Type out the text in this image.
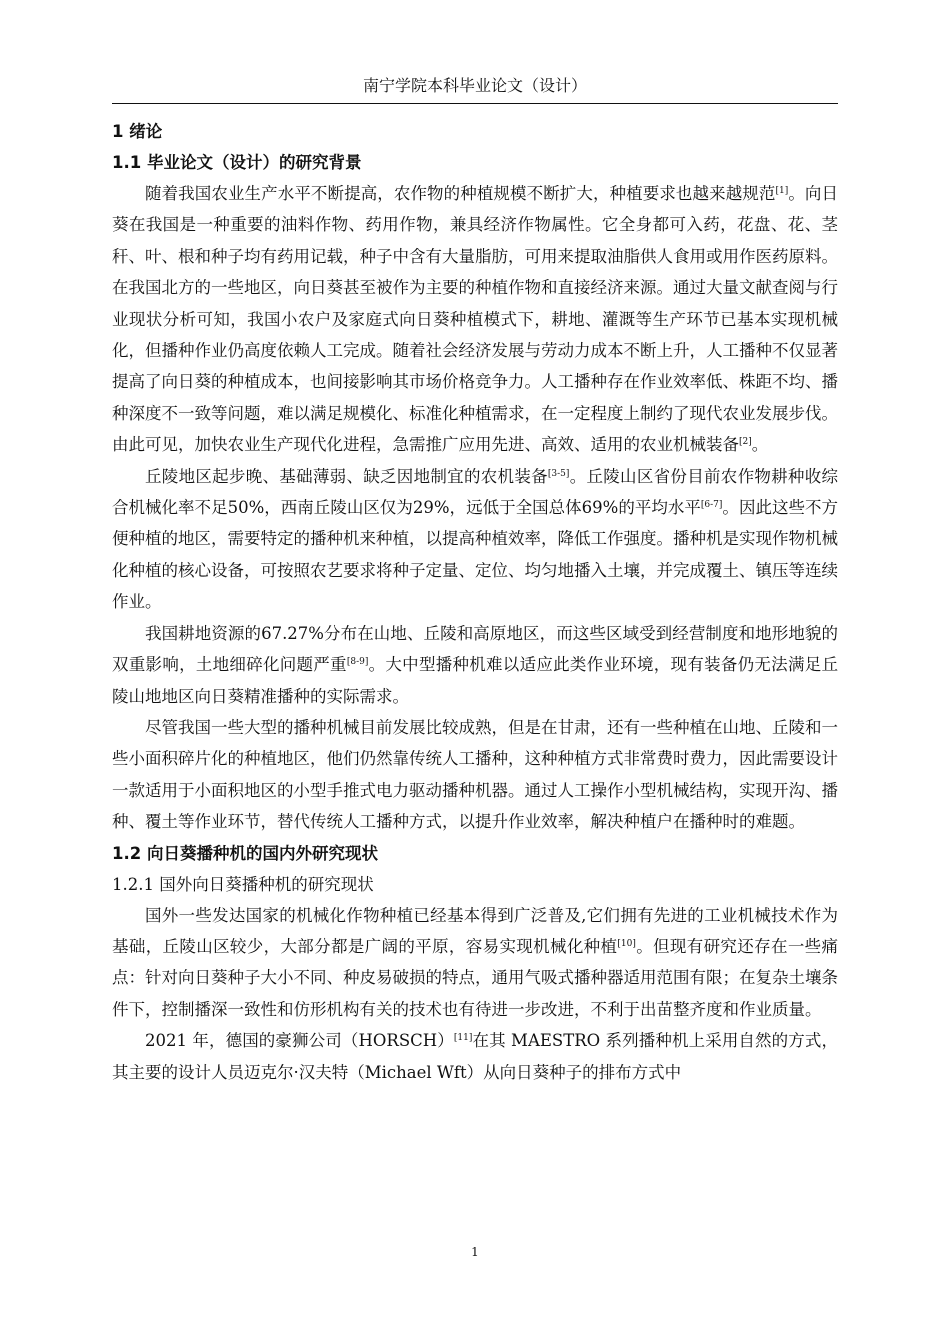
南宁学院本科毕业论文（设计）

1 绪论

1.1 毕业论文（设计）的研究背景

随着我国农业生产水平不断提高，农作物的种植规模不断扩大，种植要求也越来越规范[1]。向日葵在我国是一种重要的油料作物、药用作物，兼具经济作物属性。它全身都可入药，花盘、花、茎秆、叶、根和种子均有药用记载，种子中含有大量脂肪，可用来提取油脂供人食用或用作医药原料。在我国北方的一些地区，向日葵甚至被作为主要的种植作物和直接经济来源。通过大量文献查阅与行业现状分析可知，我国小农户及家庭式向日葵种植模式下，耕地、灌溉等生产环节已基本实现机械化，但播种作业仍高度依赖人工完成。随着社会经济发展与劳动力成本不断上升，人工播种不仅显著提高了向日葵的种植成本，也间接影响其市场价格竞争力。人工播种存在作业效率低、株距不均、播种深度不一致等问题，难以满足规模化、标准化种植需求，在一定程度上制约了现代农业发展步伐。由此可见，加快农业生产现代化进程，急需推广应用先进、高效、适用的农业机械装备[2]。

丘陵地区起步晚、基础薄弱、缺乏因地制宜的农机装备[3-5]。丘陵山区省份目前农作物耕种收综合机械化率不足50%，西南丘陵山区仅为29%，远低于全国总体69%的平均水平[6-7]。因此这些不方便种植的地区，需要特定的播种机来种植，以提高种植效率，降低工作强度。播种机是实现作物机械化种植的核心设备，可按照农艺要求将种子定量、定位、均匀地播入土壤，并完成覆土、镇压等连续作业。

我国耕地资源的67.27%分布在山地、丘陵和高原地区，而这些区域受到经营制度和地形地貌的双重影响，土地细碎化问题严重[8-9]。大中型播种机难以适应此类作业环境，现有装备仍无法满足丘陵山地地区向日葵精准播种的实际需求。

尽管我国一些大型的播种机械目前发展比较成熟，但是在甘肃，还有一些种植在山地、丘陵和一些小面积碎片化的种植地区，他们仍然靠传统人工播种，这种种植方式非常费时费力，因此需要设计一款适用于小面积地区的小型手推式电力驱动播种机器。通过人工操作小型机械结构，实现开沟、播种、覆土等作业环节，替代传统人工播种方式，以提升作业效率，解决种植户在播种时的难题。

1.2 向日葵播种机的国内外研究现状

1.2.1 国外向日葵播种机的研究现状

国外一些发达国家的机械化作物种植已经基本得到广泛普及,它们拥有先进的工业机械技术作为基础，丘陵山区较少，大部分都是广阔的平原，容易实现机械化种植[10]。但现有研究还存在一些痛点：针对向日葵种子大小不同、种皮易破损的特点，通用气吸式播种器适用范围有限；在复杂土壤条件下，控制播深一致性和仿形机构有关的技术也有待进一步改进，不利于出苗整齐度和作业质量。

2021 年，德国的豪狮公司（HORSCH）[11]在其 MAESTRO 系列播种机上采用自然的方式，其主要的设计人员迈克尔·汉夫特（Michael Wft）从向日葵种子的排布方式中

1
